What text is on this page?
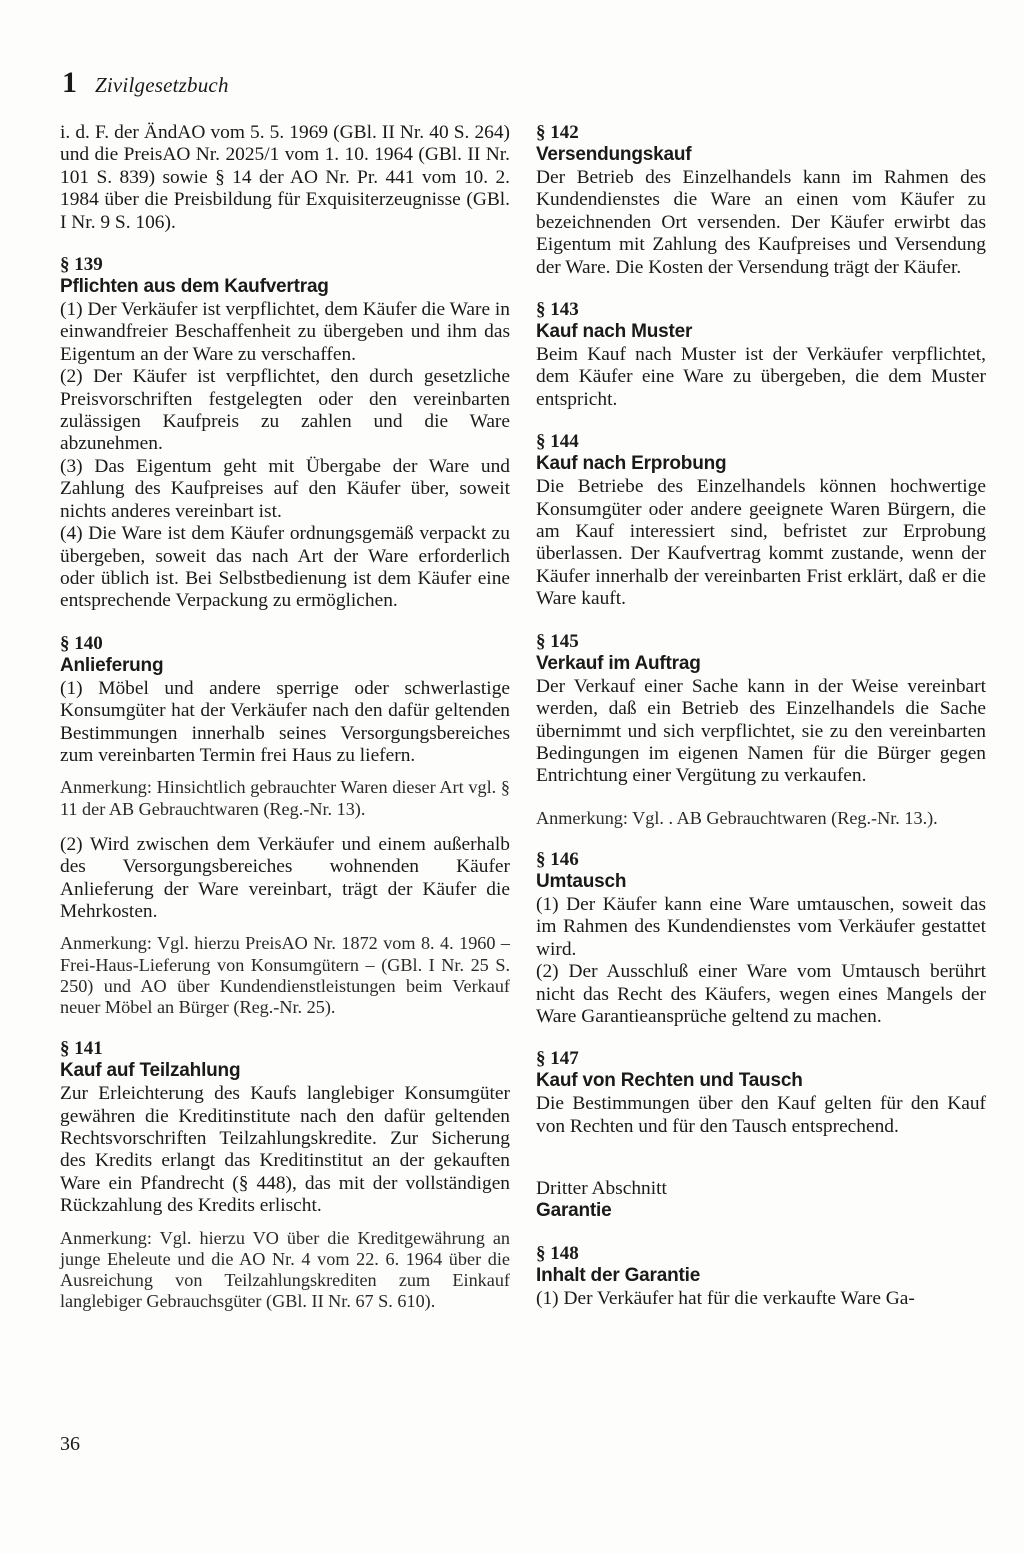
1 Zivilgesetzbuch

i. d. F. der ÄndAO vom 5. 5. 1969 (GBl. II Nr. 40 S. 264) und die PreisAO Nr. 2025/1 vom 1. 10. 1964 (GBl. II Nr. 101 S. 839) sowie § 14 der AO Nr. Pr. 441 vom 10. 2. 1984 über die Preisbildung für Exquisiterzeugnisse (GBl. I Nr. 9 S. 106).

§ 139

Pflichten aus dem Kaufvertrag

(1) Der Verkäufer ist verpflichtet, dem Käufer die Ware in einwandfreier Beschaffenheit zu übergeben und ihm das Eigentum an der Ware zu verschaffen.

(2) Der Käufer ist verpflichtet, den durch gesetzliche Preisvorschriften festgelegten oder den vereinbarten zulässigen Kaufpreis zu zahlen und die Ware abzunehmen.

(3) Das Eigentum geht mit Übergabe der Ware und Zahlung des Kaufpreises auf den Käufer über, soweit nichts anderes vereinbart ist.

(4) Die Ware ist dem Käufer ordnungsgemäß verpackt zu übergeben, soweit das nach Art der Ware erforderlich oder üblich ist. Bei Selbstbedienung ist dem Käufer eine entsprechende Verpackung zu ermöglichen.

§ 140

Anlieferung

(1) Möbel und andere sperrige oder schwerlastige Konsumgüter hat der Verkäufer nach den dafür geltenden Bestimmungen innerhalb seines Versorgungsbereiches zum vereinbarten Termin frei Haus zu liefern.

Anmerkung: Hinsichtlich gebrauchter Waren dieser Art vgl. § 11 der AB Gebrauchtwaren (Reg.-Nr. 13).

(2) Wird zwischen dem Verkäufer und einem außerhalb des Versorgungsbereiches wohnenden Käufer Anlieferung der Ware vereinbart, trägt der Käufer die Mehrkosten.

Anmerkung: Vgl. hierzu PreisAO Nr. 1872 vom 8. 4. 1960 – Frei-Haus-Lieferung von Konsumgütern – (GBl. I Nr. 25 S. 250) und AO über Kundendienstleistungen beim Verkauf neuer Möbel an Bürger (Reg.-Nr. 25).

§ 141

Kauf auf Teilzahlung

Zur Erleichterung des Kaufs langlebiger Konsumgüter gewähren die Kreditinstitute nach den dafür geltenden Rechtsvorschriften Teilzahlungskredite. Zur Sicherung des Kredits erlangt das Kreditinstitut an der gekauften Ware ein Pfandrecht (§ 448), das mit der vollständigen Rückzahlung des Kredits erlischt.

Anmerkung: Vgl. hierzu VO über die Kreditgewährung an junge Eheleute und die AO Nr. 4 vom 22. 6. 1964 über die Ausreichung von Teilzahlungskrediten zum Einkauf langlebiger Gebrauchsgüter (GBl. II Nr. 67 S. 610).

§ 142

Versendungskauf

Der Betrieb des Einzelhandels kann im Rahmen des Kundendienstes die Ware an einen vom Käufer zu bezeichnenden Ort versenden. Der Käufer erwirbt das Eigentum mit Zahlung des Kaufpreises und Versendung der Ware. Die Kosten der Versendung trägt der Käufer.

§ 143

Kauf nach Muster

Beim Kauf nach Muster ist der Verkäufer verpflichtet, dem Käufer eine Ware zu übergeben, die dem Muster entspricht.

§ 144

Kauf nach Erprobung

Die Betriebe des Einzelhandels können hochwertige Konsumgüter oder andere geeignete Waren Bürgern, die am Kauf interessiert sind, befristet zur Erprobung überlassen. Der Kaufvertrag kommt zustande, wenn der Käufer innerhalb der vereinbarten Frist erklärt, daß er die Ware kauft.

§ 145

Verkauf im Auftrag

Der Verkauf einer Sache kann in der Weise vereinbart werden, daß ein Betrieb des Einzelhandels die Sache übernimmt und sich verpflichtet, sie zu den vereinbarten Bedingungen im eigenen Namen für die Bürger gegen Entrichtung einer Vergütung zu verkaufen.

Anmerkung: Vgl. . AB Gebrauchtwaren (Reg.-Nr. 13.).

§ 146

Umtausch

(1) Der Käufer kann eine Ware umtauschen, soweit das im Rahmen des Kundendienstes vom Verkäufer gestattet wird.

(2) Der Ausschluß einer Ware vom Umtausch berührt nicht das Recht des Käufers, wegen eines Mangels der Ware Garantieansprüche geltend zu machen.

§ 147

Kauf von Rechten und Tausch

Die Bestimmungen über den Kauf gelten für den Kauf von Rechten und für den Tausch entsprechend.

Dritter Abschnitt

Garantie

§ 148

Inhalt der Garantie

(1) Der Verkäufer hat für die verkaufte Ware Ga-

36
